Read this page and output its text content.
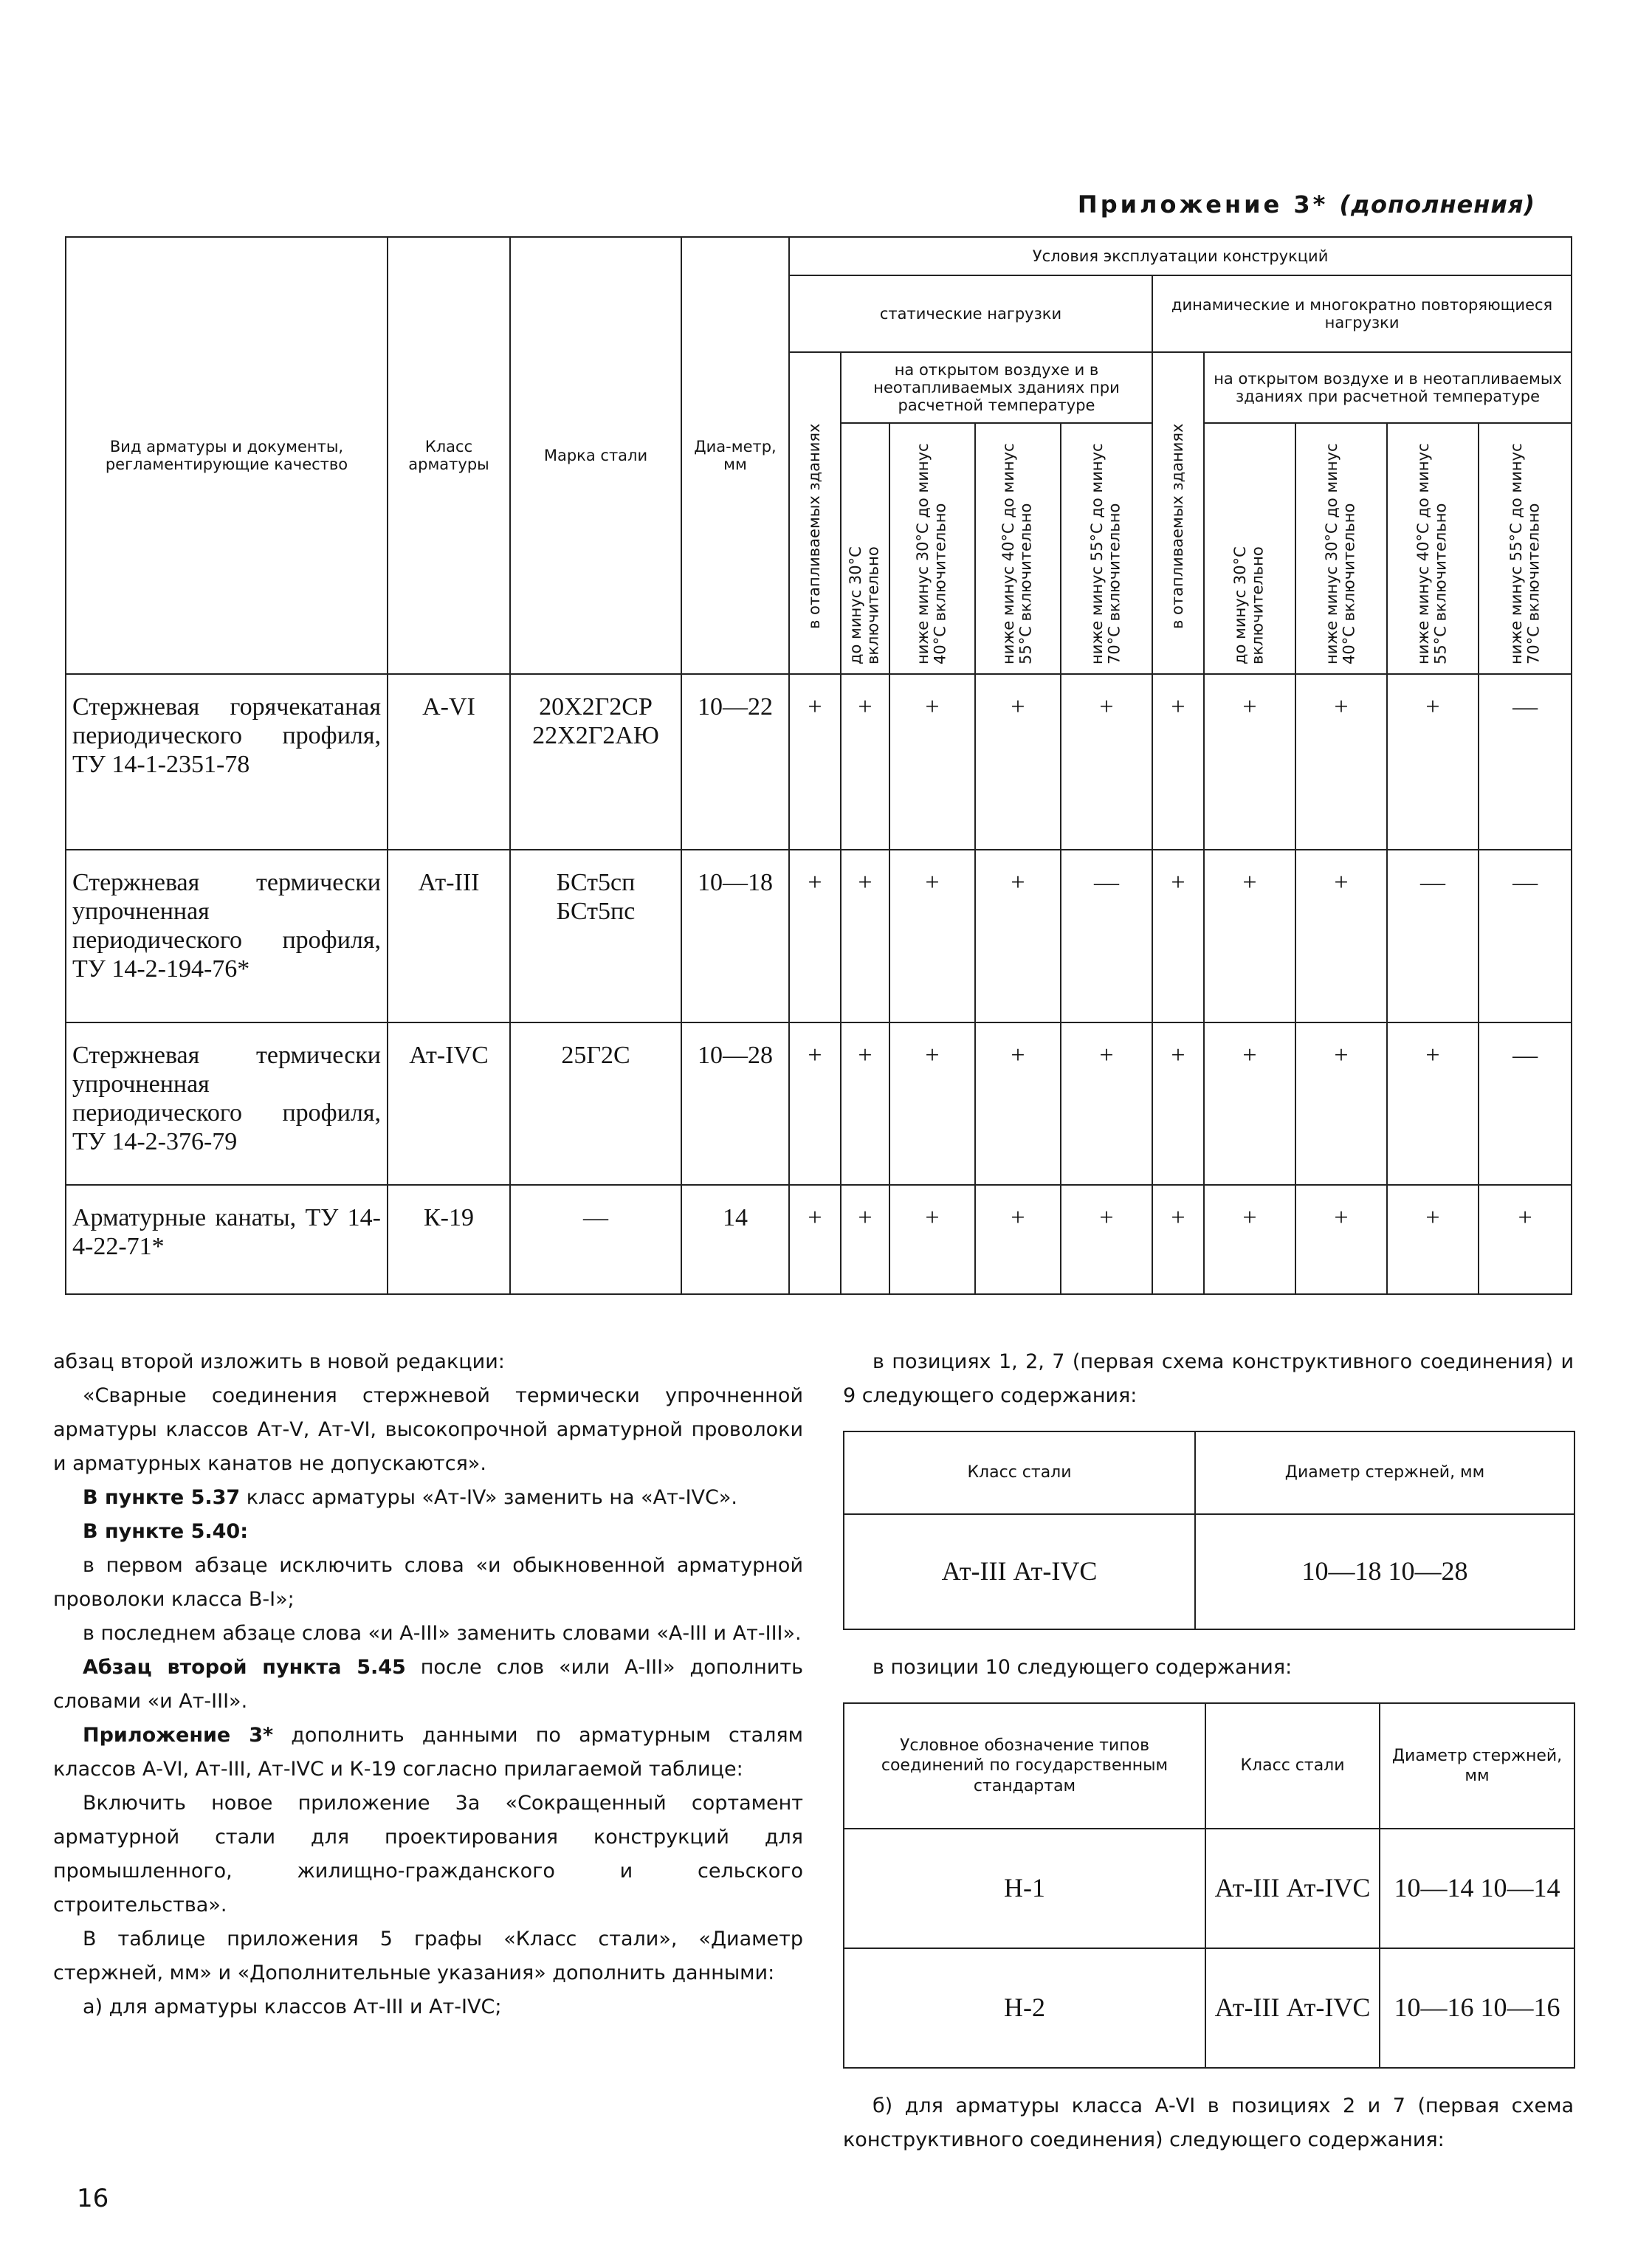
Приложение 3* (дополнения)
Вид арматуры и документы, регламентирующие качество	Класс арматуры	Марка стали	Диа-метр, мм	Условия эксплуатации конструкций									
				статические нагрузки					динамические и многократно повторяющиеся нагрузки				

				в отапливаемых зданиях	на открытом воздухе и в неотапливаемых зданиях при расчетной температуре				в отапливаемых зданиях	на открытом воздухе и в неотапливаемых зданиях при расчетной температуре			

					до минус 30°С включительно	ниже минус 30°С до минус 40°С включительно	ниже минус 40°С до минус 55°С включительно	ниже минус 55°С до минус 70°С включительно		до минус 30°С включительно	ниже минус 30°С до минус 40°С включительно	ниже минус 40°С до минус 55°С включительно	ниже минус 55°С до минус 70°С включительно

Стержневая горячекатаная периодического профиля, ТУ 14-1-2351-78	A-VI	20Х2Г2СР 22Х2Г2АЮ	10—22	+	+	+	+	+	+	+	+	+	—
Стержневая термически упрочненная периодического профиля, ТУ 14-2-194-76*	Ат-III	БСт5сп БСт5пс	10—18	+	+	+	+	—	+	+	+	—	—
Стержневая термически упрочненная периодического профиля, ТУ 14-2-376-79	Ат-IVС	25Г2С	10—28	+	+	+	+	+	+	+	+	+	—
Арматурные канаты, ТУ 14-4-22-71*	К-19	—	14	+	+	+	+	+	+	+	+	+	+

абзац второй изложить в новой редакции:

«Сварные соединения стержневой термически упрочненной арматуры классов Ат-V, Ат-VI, высокопрочной арматурной проволоки и арматурных канатов не допускаются».

В пункте 5.37 класс арматуры «Ат-IV» заменить на «Ат-IVС».

В пункте 5.40:

в первом абзаце исключить слова «и обыкновенной арматурной проволоки класса В-I»;

в последнем абзаце слова «и А-III» заменить словами «А-III и Ат-III».

Абзац второй пункта 5.45 после слов «или А-III» дополнить словами «и Ат-III».

Приложение 3* дополнить данными по арматурным сталям классов А-VI, Ат-III, Ат-IVС и К-19 согласно прилагаемой таблице:

Включить новое приложение 3а «Сокращенный сортамент арматурной стали для проектирования конструкций для промышленного, жилищно-гражданского и сельского строительства».

В таблице приложения 5 графы «Класс стали», «Диаметр стержней, мм» и «Дополнительные указания» дополнить данными:

а) для арматуры классов Ат-III и Ат-IVС;

в позициях 1, 2, 7 (первая схема конструктивного соединения) и 9 следующего содержания:

Класс стали	Диаметр стержней, мм
Ат-III Ат-IVС	10—18 10—28

в позиции 10 следующего содержания:

Условное обозначение типов соединений по государственным стандартам	Класс стали	Диаметр стержней, мм
Н-1	Ат-III Ат-IVС	10—14 10—14
Н-2	Ат-III Ат-IVС	10—16 10—16

б) для арматуры класса А-VI в позициях 2 и 7 (первая схема конструктивного соединения) следующего содержания:

16
